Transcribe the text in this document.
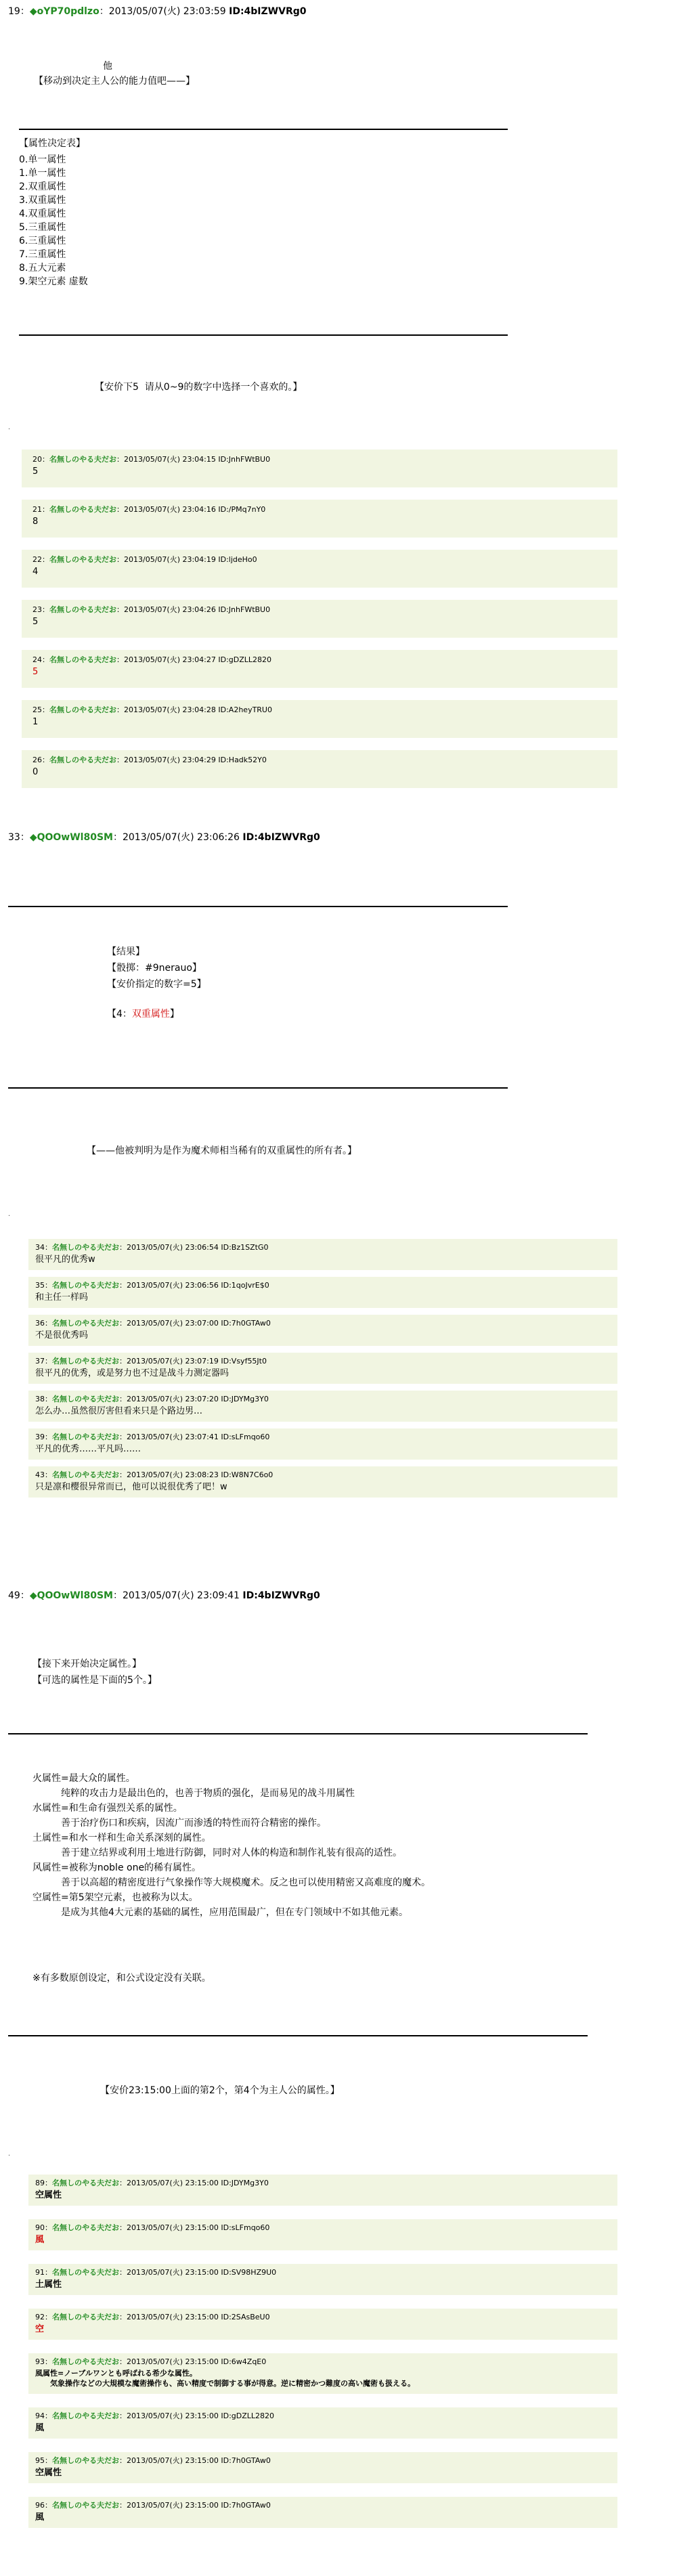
19：◆oYP70pdlzo：2013/05/07(火) 23:03:59 ID:4bIZWVRg0
他
【移动到决定主人公的能力值吧——】
【属性决定表】
0.单一属性
1.单一属性
2.双重属性
3.双重属性
4.双重属性
5.三重属性
6.三重属性
7.三重属性
8.五大元素
9.架空元素 虚数
【安价下5  请从0~9的数字中选择一个喜欢的。】
．
20：名無しのやる夫だお：2013/05/07(火) 23:04:15 ID:JnhFWtBU0
5
21：名無しのやる夫だお：2013/05/07(火) 23:04:16 ID:/PMq7nY0
8
22：名無しのやる夫だお：2013/05/07(火) 23:04:19 ID:ljdeHo0
4
23：名無しのやる夫だお：2013/05/07(火) 23:04:26 ID:JnhFWtBU0
5
24：名無しのやる夫だお：2013/05/07(火) 23:04:27 ID:gDZLL2820
5
25：名無しのやる夫だお：2013/05/07(火) 23:04:28 ID:A2heyTRU0
1
26：名無しのやる夫だお：2013/05/07(火) 23:04:29 ID:Hadk52Y0
0
33：◆QOOwWl80SM：2013/05/07(火) 23:06:26 ID:4bIZWVRg0
【结果】
【骰掷：#9nerauo】
【安价指定的数字=5】
【4：双重属性】
【——他被判明为是作为魔术师相当稀有的双重属性的所有者。】
．
34：名無しのやる夫だお：2013/05/07(火) 23:06:54 ID:Bz1SZtG0
很平凡的优秀w
35：名無しのやる夫だお：2013/05/07(火) 23:06:56 ID:1qoJvrE$0
和主任一样吗
36：名無しのやる夫だお：2013/05/07(火) 23:07:00 ID:7h0GTAw0
不是很优秀吗
37：名無しのやる夫だお：2013/05/07(火) 23:07:19 ID:Vsyf55Jt0
很平凡的优秀，或是努力也不过是战斗力测定器吗
38：名無しのやる夫だお：2013/05/07(火) 23:07:20 ID:JDYMg3Y0
怎么办…虽然很厉害但看来只是个路边男…
39：名無しのやる夫だお：2013/05/07(火) 23:07:41 ID:sLFmqo60
平凡的优秀……平凡吗……
43：名無しのやる夫だお：2013/05/07(火) 23:08:23 ID:W8N7C6o0
只是凛和樱很异常而已，他可以说很优秀了吧！w
49：◆QOOwWl80SM：2013/05/07(火) 23:09:41 ID:4bIZWVRg0
【接下来开始决定属性。】
【可选的属性是下面的5个。】
火属性=最大众的属性。
　　　纯粹的攻击力是最出色的，也善于物质的强化，是而易见的战斗用属性
水属性=和生命有强烈关系的属性。
　　　善于治疗伤口和疾病，因流广而渗透的特性而符合精密的操作。
土属性=和水一样和生命关系深刻的属性。
　　　善于建立结界或利用土地进行防御，同时对人体的构造和制作礼装有很高的适性。
风属性=被称为noble one的稀有属性。
　　　善于以高超的精密度进行气象操作等大规模魔术。反之也可以使用精密又高难度的魔术。
空属性=第5架空元素，也被称为以太。
　　　是成为其他4大元素的基础的属性，应用范围最广，但在专门领域中不如其他元素。
※有多数原创设定，和公式设定没有关联。
【安价23:15:00上面的第2个，第4个为主人公的属性。】
．
89：名無しのやる夫だお：2013/05/07(火) 23:15:00 ID:JDYMg3Y0
空属性
90：名無しのやる夫だお：2013/05/07(火) 23:15:00 ID:sLFmqo60
風
91：名無しのやる夫だお：2013/05/07(火) 23:15:00 ID:SV98HZ9U0
土属性
92：名無しのやる夫だお：2013/05/07(火) 23:15:00 ID:2SAsBeU0
空
93：名無しのやる夫だお：2013/05/07(火) 23:15:00 ID:6w4ZqE0
風属性=ノーブルワンとも呼ばれる希少な属性。
　　気象操作などの大規模な魔術操作も、高い精度で制御する事が得意。逆に精密かつ難度の高い魔術も扱える。
94：名無しのやる夫だお：2013/05/07(火) 23:15:00 ID:gDZLL2820
風
95：名無しのやる夫だお：2013/05/07(火) 23:15:00 ID:7h0GTAw0
空属性
96：名無しのやる夫だお：2013/05/07(火) 23:15:00 ID:7h0GTAw0
風
